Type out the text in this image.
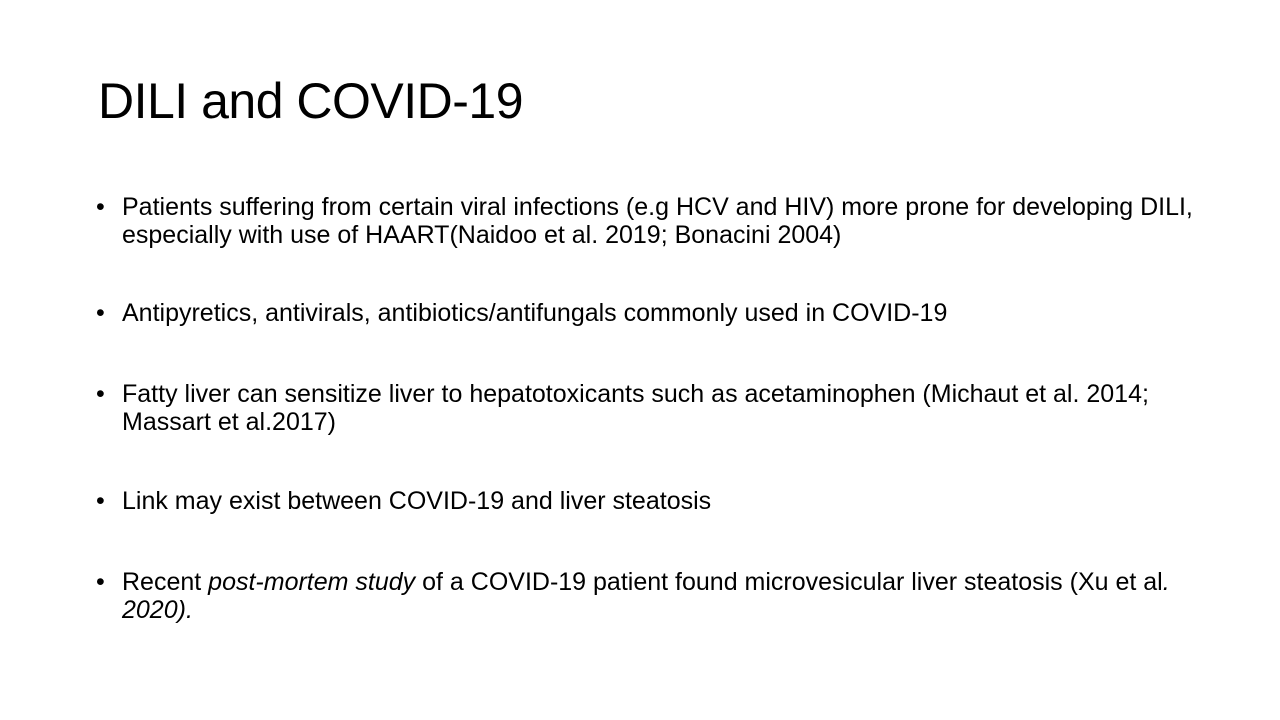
DILI and COVID-19
• Patients suffering from certain viral infections (e.g HCV and HIV) more prone for developing DILI, especially with use of HAART(Naidoo et al. 2019; Bonacini 2004)
• Antipyretics, antivirals, antibiotics/antifungals commonly used in COVID-19
• Fatty liver can sensitize liver to hepatotoxicants such as acetaminophen (Michaut et al. 2014; Massart et al.2017)
• Link may exist between COVID-19 and liver steatosis
• Recent post-mortem study of a COVID-19 patient found microvesicular liver steatosis (Xu et al. 2020).
